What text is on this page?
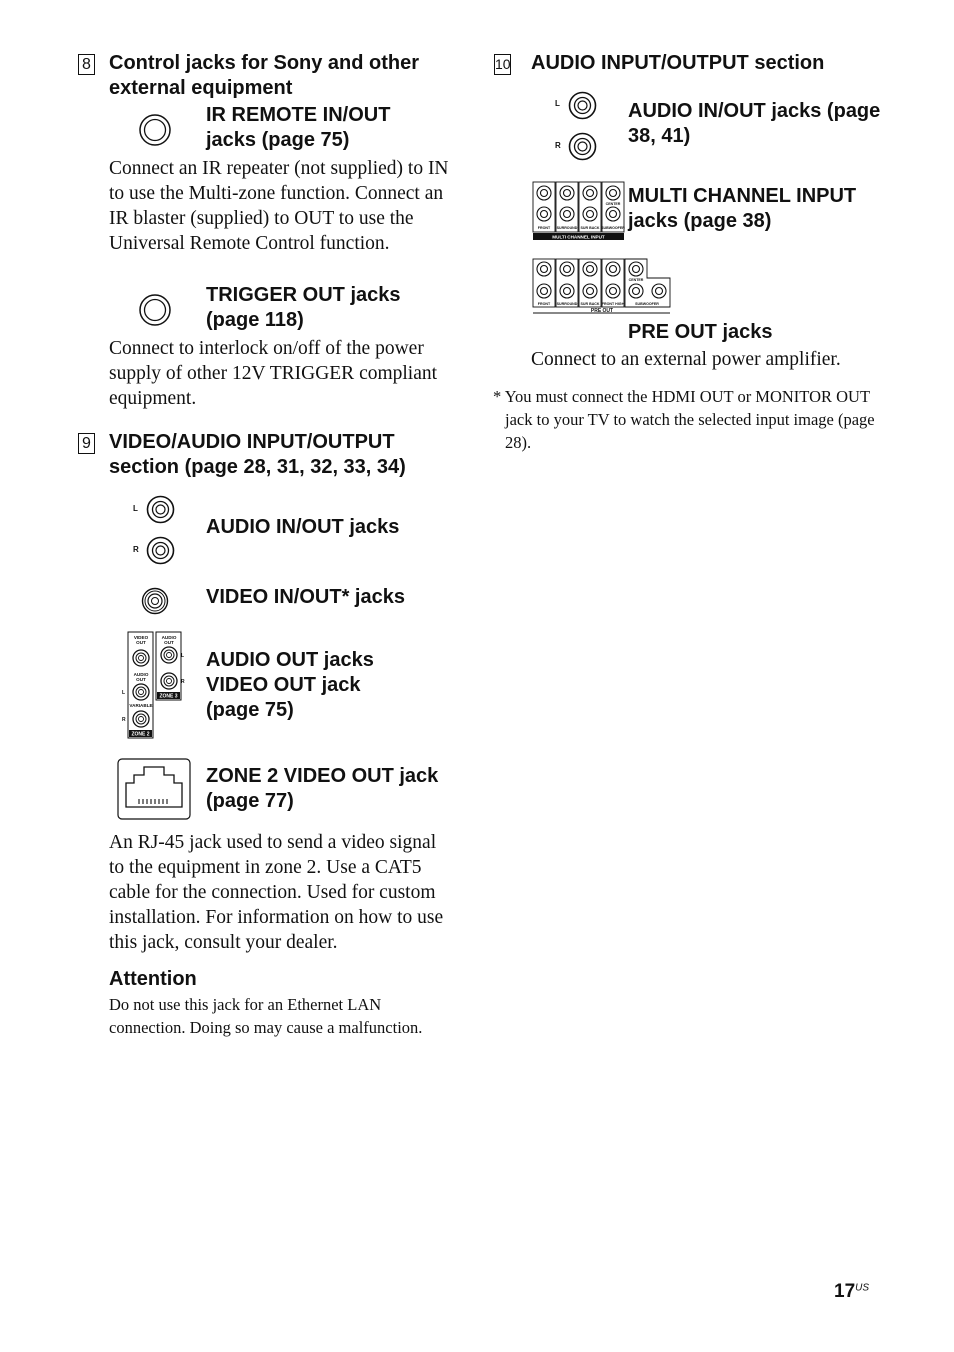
8 Control jacks for Sony and other external equipment
IR REMOTE IN/OUT jacks (page 75)
Connect an IR repeater (not supplied) to IN to use the Multi-zone function. Connect an IR blaster (supplied) to OUT to use the Universal Remote Control function.
TRIGGER OUT jacks (page 118)
Connect to interlock on/off of the power supply of other 12V TRIGGER compliant equipment.
9 VIDEO/AUDIO INPUT/OUTPUT section (page 28, 31, 32, 33, 34)
L
R
AUDIO IN/OUT jacks
VIDEO IN/OUT* jacks
VIDEO
OUT
AUDIO
OUT
AUDIO
OUT
VARIABLE
L
R
L
R
ZONE 3
ZONE 2
AUDIO OUT jacks
VIDEO OUT jack
(page 75)
ZONE 2 VIDEO OUT jack (page 77)
An RJ-45 jack used to send a video signal to the equipment in zone 2. Use a CAT5 cable for the connection. Used for custom installation. For information on how to use this jack, consult your dealer.
Attention
Do not use this jack for an Ethernet LAN connection. Doing so may cause a malfunction.
10 AUDIO INPUT/OUTPUT section
L
R
AUDIO IN/OUT jacks (page 38, 41)
FRONT SURROUND SUR BACK SUBWOOFER
CENTER
MULTI CHANNEL INPUT
MULTI CHANNEL INPUT jacks (page 38)
FRONT SURROUND SUR BACK FRONT HIGH
CENTER
SUBWOOFER
PRE OUT
PRE OUT jacks
Connect to an external power amplifier.
* You must connect the HDMI OUT or MONITOR OUT jack to your TV to watch the selected input image (page 28).
$17^{US}$
